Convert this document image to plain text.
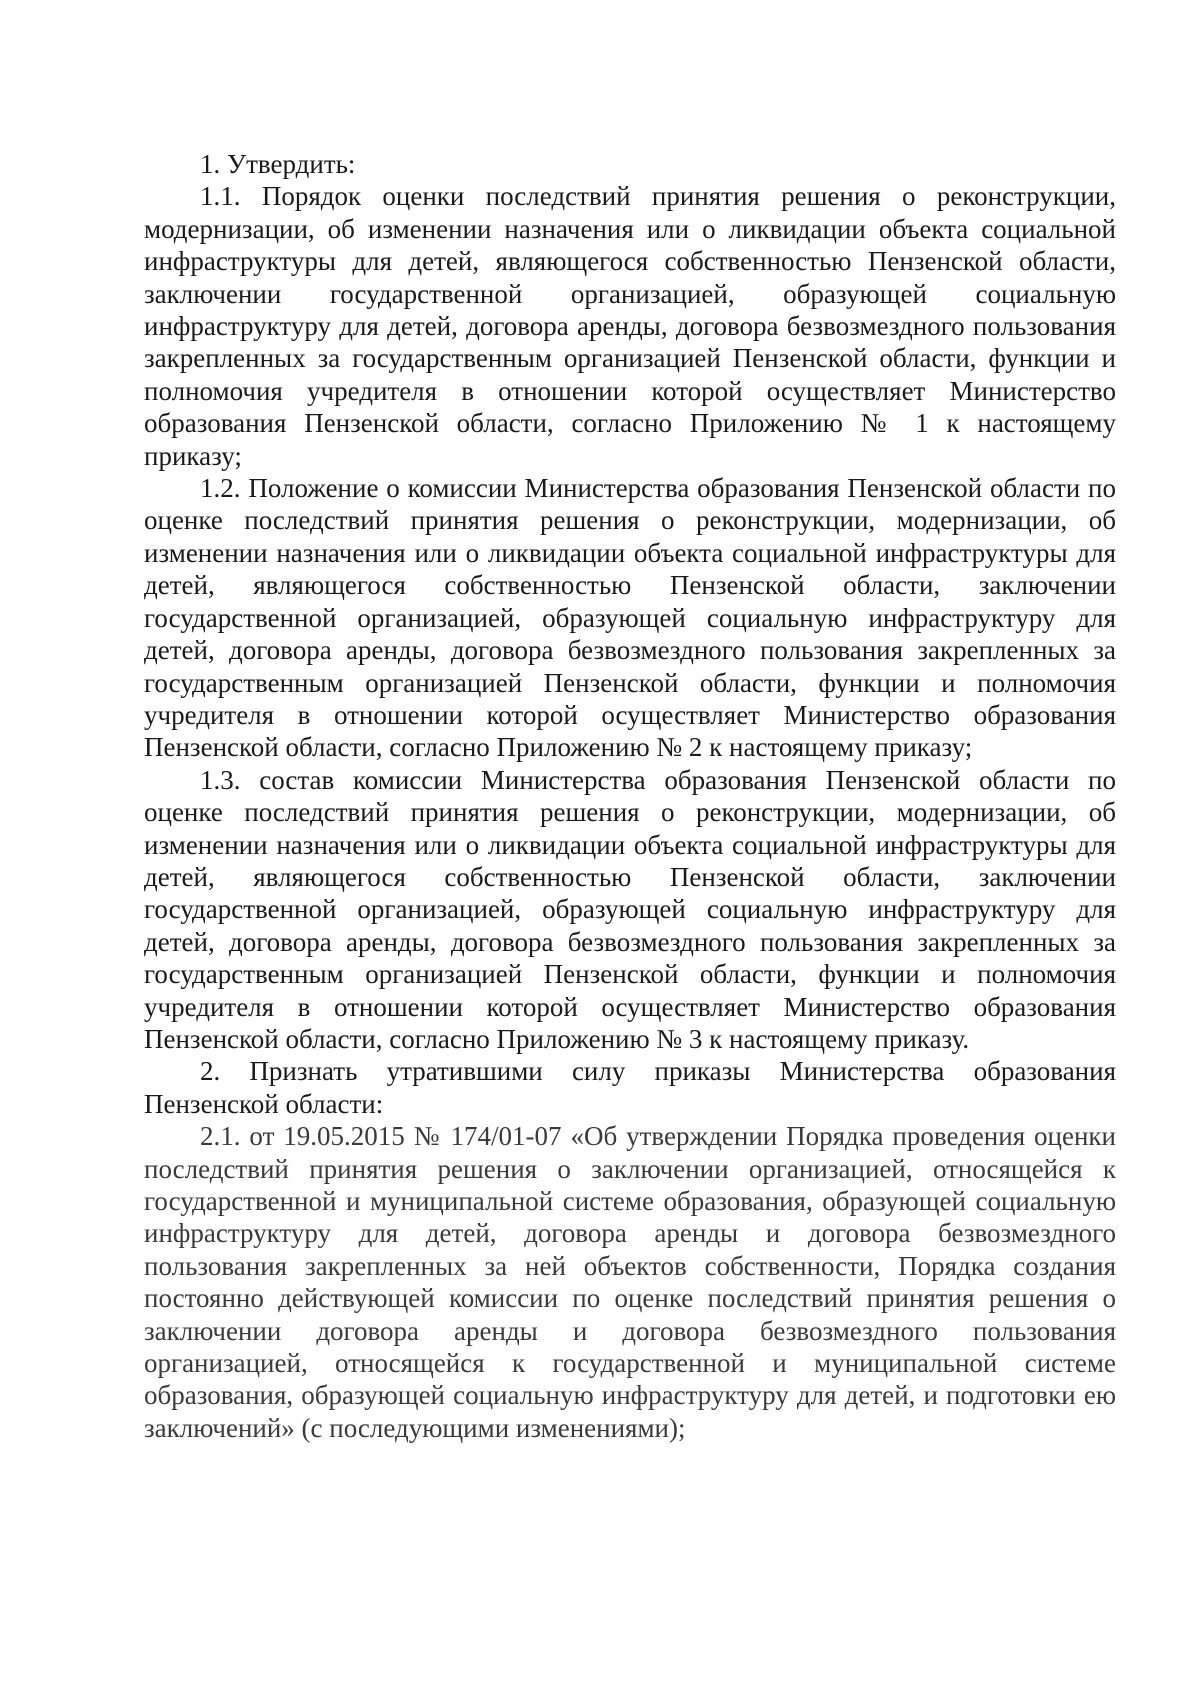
1. Утвердить:

1.1. Порядок оценки последствий принятия решения о реконструкции, модернизации, об изменении назначения или о ликвидации объекта социальной инфраструктуры для детей, являющегося собственностью Пензенской области, заключении государственной организацией, образующей социальную инфраструктуру для детей, договора аренды, договора безвозмездного пользования закрепленных за государственным организацией Пензенской области, функции и полномочия учредителя в отношении которой осуществляет Министерство образования Пензенской области, согласно Приложению № 1 к настоящему приказу;

1.2. Положение о комиссии Министерства образования Пензенской области по оценке последствий принятия решения о реконструкции, модернизации, об изменении назначения или о ликвидации объекта социальной инфраструктуры для детей, являющегося собственностью Пензенской области, заключении государственной организацией, образующей социальную инфраструктуру для детей, договора аренды, договора безвозмездного пользования закрепленных за государственным организацией Пензенской области, функции и полномочия учредителя в отношении которой осуществляет Министерство образования Пензенской области, согласно Приложению № 2 к настоящему приказу;

1.3. состав комиссии Министерства образования Пензенской области по оценке последствий принятия решения о реконструкции, модернизации, об изменении назначения или о ликвидации объекта социальной инфраструктуры для детей, являющегося собственностью Пензенской области, заключении государственной организацией, образующей социальную инфраструктуру для детей, договора аренды, договора безвозмездного пользования закрепленных за государственным организацией Пензенской области, функции и полномочия учредителя в отношении которой осуществляет Министерство образования Пензенской области, согласно Приложению № 3 к настоящему приказу.

2. Признать утратившими силу приказы Министерства образования Пензенской области:

2.1. от 19.05.2015 № 174/01-07 «Об утверждении Порядка проведения оценки последствий принятия решения о заключении организацией, относящейся к государственной и муниципальной системе образования, образующей социальную инфраструктуру для детей, договора аренды и договора безвозмездного пользования закрепленных за ней объектов собственности, Порядка создания постоянно действующей комиссии по оценке последствий принятия решения о заключении договора аренды и договора безвозмездного пользования организацией, относящейся к государственной и муниципальной системе образования, образующей социальную инфраструктуру для детей, и подготовки ею заключений» (с последующими изменениями);
